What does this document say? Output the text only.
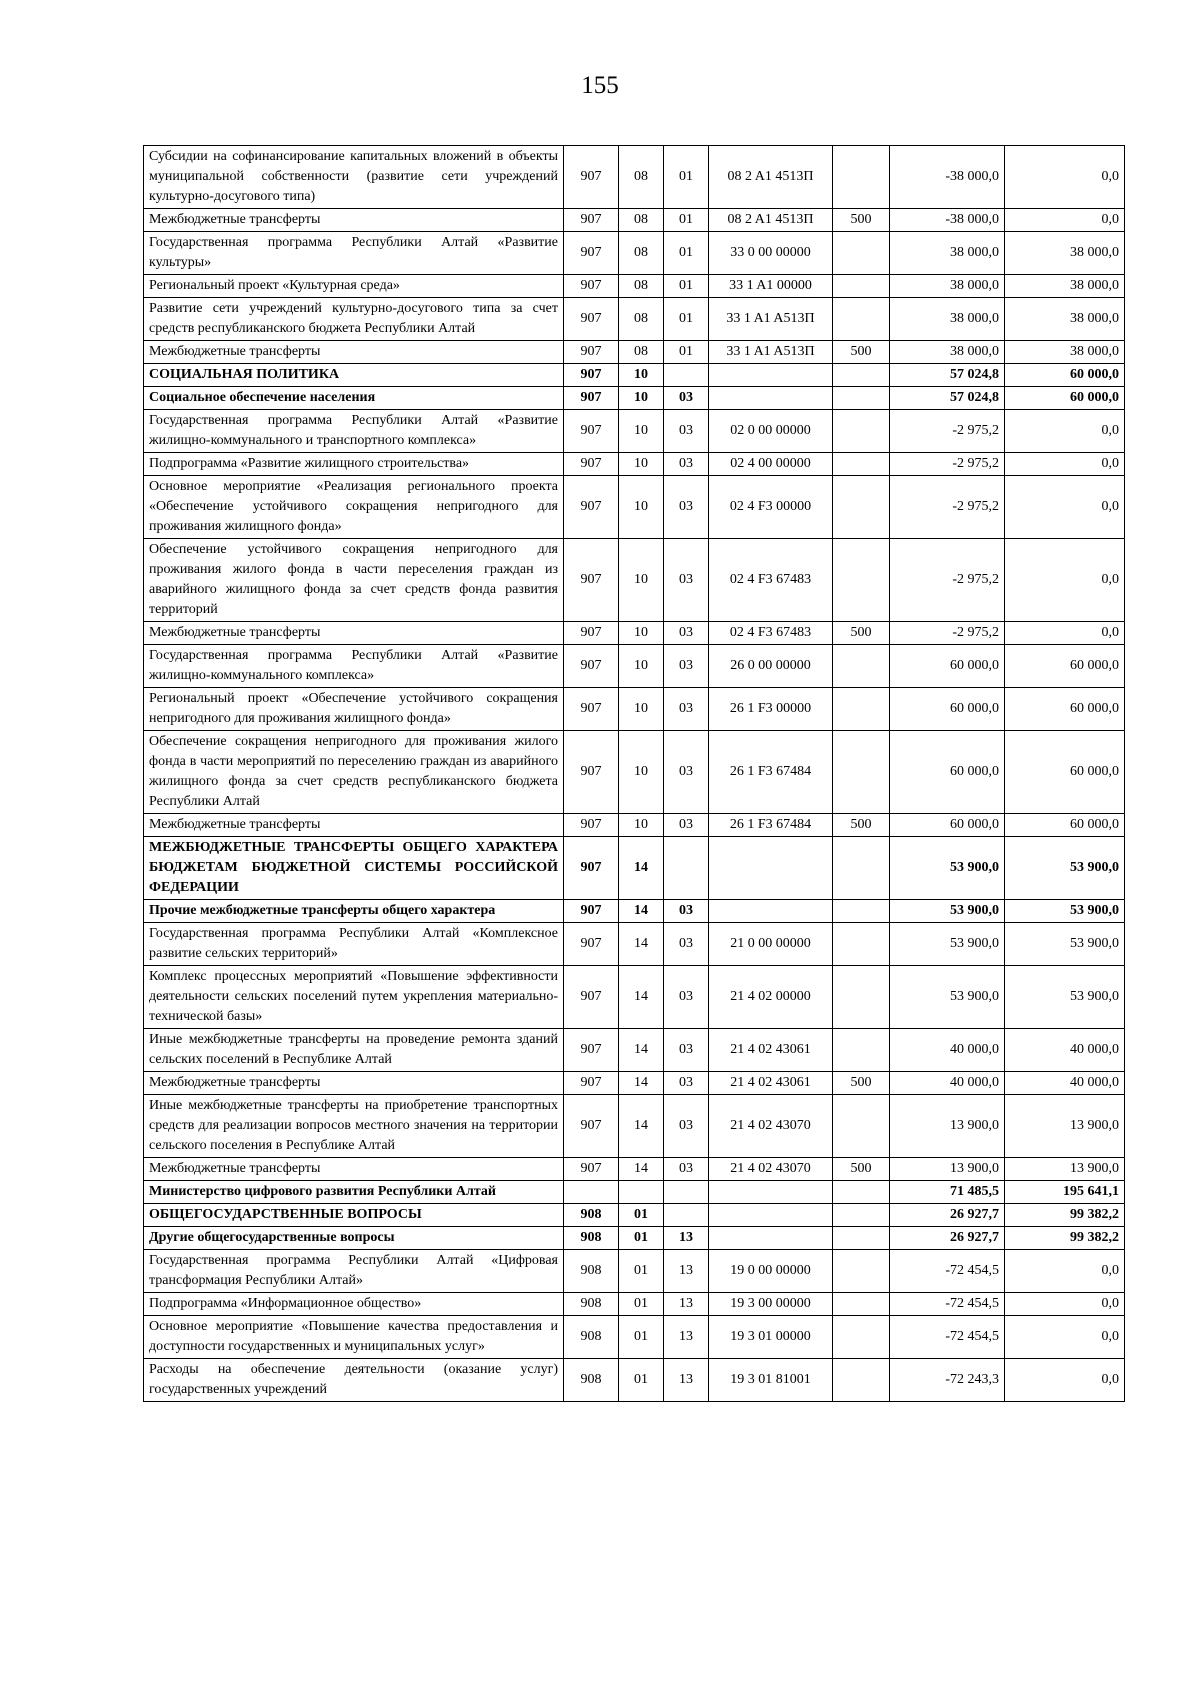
155
Субсидии на софинансирование капитальных вложений в объекты муниципальной собственности (развитие сети учреждений культурно-досугового типа)	907	08	01	08 2 A1 4513П		-38 000,0	0,0
Межбюджетные трансферты	907	08	01	08 2 A1 4513П	500	-38 000,0	0,0
Государственная программа Республики Алтай «Развитие культуры»	907	08	01	33 0 00 00000		38 000,0	38 000,0
Региональный проект «Культурная среда»	907	08	01	33 1 A1 00000		38 000,0	38 000,0
Развитие сети учреждений культурно-досугового типа за счет средств республиканского бюджета Республики Алтай	907	08	01	33 1 A1 A513П		38 000,0	38 000,0
Межбюджетные трансферты	907	08	01	33 1 A1 A513П	500	38 000,0	38 000,0
СОЦИАЛЬНАЯ ПОЛИТИКА	907	10				57 024,8	60 000,0
Социальное обеспечение населения	907	10	03			57 024,8	60 000,0
Государственная программа Республики Алтай «Развитие жилищно-коммунального и транспортного комплекса»	907	10	03	02 0 00 00000		-2 975,2	0,0
Подпрограмма «Развитие жилищного строительства»	907	10	03	02 4 00 00000		-2 975,2	0,0
Основное мероприятие «Реализация регионального проекта «Обеспечение устойчивого сокращения непригодного для проживания жилищного фонда»	907	10	03	02 4 F3 00000		-2 975,2	0,0
Обеспечение устойчивого сокращения непригодного для проживания жилого фонда в части переселения граждан из аварийного жилищного фонда за счет средств фонда развития территорий	907	10	03	02 4 F3 67483		-2 975,2	0,0
Межбюджетные трансферты	907	10	03	02 4 F3 67483	500	-2 975,2	0,0
Государственная программа Республики Алтай «Развитие жилищно-коммунального комплекса»	907	10	03	26 0 00 00000		60 000,0	60 000,0
Региональный проект «Обеспечение устойчивого сокращения непригодного для проживания жилищного фонда»	907	10	03	26 1 F3 00000		60 000,0	60 000,0
Обеспечение сокращения непригодного для проживания жилого фонда в части мероприятий по переселению граждан из аварийного жилищного фонда за счет средств республиканского бюджета Республики Алтай	907	10	03	26 1 F3 67484		60 000,0	60 000,0
Межбюджетные трансферты	907	10	03	26 1 F3 67484	500	60 000,0	60 000,0
МЕЖБЮДЖЕТНЫЕ ТРАНСФЕРТЫ ОБЩЕГО ХАРАКТЕРА БЮДЖЕТАМ БЮДЖЕТНОЙ СИСТЕМЫ РОССИЙСКОЙ ФЕДЕРАЦИИ	907	14				53 900,0	53 900,0
Прочие межбюджетные трансферты общего характера	907	14	03			53 900,0	53 900,0
Государственная программа Республики Алтай «Комплексное развитие сельских территорий»	907	14	03	21 0 00 00000		53 900,0	53 900,0
Комплекс процессных мероприятий «Повышение эффективности деятельности сельских поселений путем укрепления материально-технической базы»	907	14	03	21 4 02 00000		53 900,0	53 900,0
Иные межбюджетные трансферты на проведение ремонта зданий сельских поселений в Республике Алтай	907	14	03	21 4 02 43061		40 000,0	40 000,0
Межбюджетные трансферты	907	14	03	21 4 02 43061	500	40 000,0	40 000,0
Иные межбюджетные трансферты на приобретение транспортных средств для реализации вопросов местного значения на территории сельского поселения в Республике Алтай	907	14	03	21 4 02 43070		13 900,0	13 900,0
Межбюджетные трансферты	907	14	03	21 4 02 43070	500	13 900,0	13 900,0
Министерство цифрового развития Республики Алтай						71 485,5	195 641,1
ОБЩЕГОСУДАРСТВЕННЫЕ ВОПРОСЫ	908	01				26 927,7	99 382,2
Другие общегосударственные вопросы	908	01	13			26 927,7	99 382,2
Государственная программа Республики Алтай «Цифровая трансформация Республики Алтай»	908	01	13	19 0 00 00000		-72 454,5	0,0
Подпрограмма «Информационное общество»	908	01	13	19 3 00 00000		-72 454,5	0,0
Основное мероприятие «Повышение качества предоставления и доступности государственных и муниципальных услуг»	908	01	13	19 3 01 00000		-72 454,5	0,0
Расходы на обеспечение деятельности (оказание услуг) государственных учреждений	908	01	13	19 3 01 81001		-72 243,3	0,0
